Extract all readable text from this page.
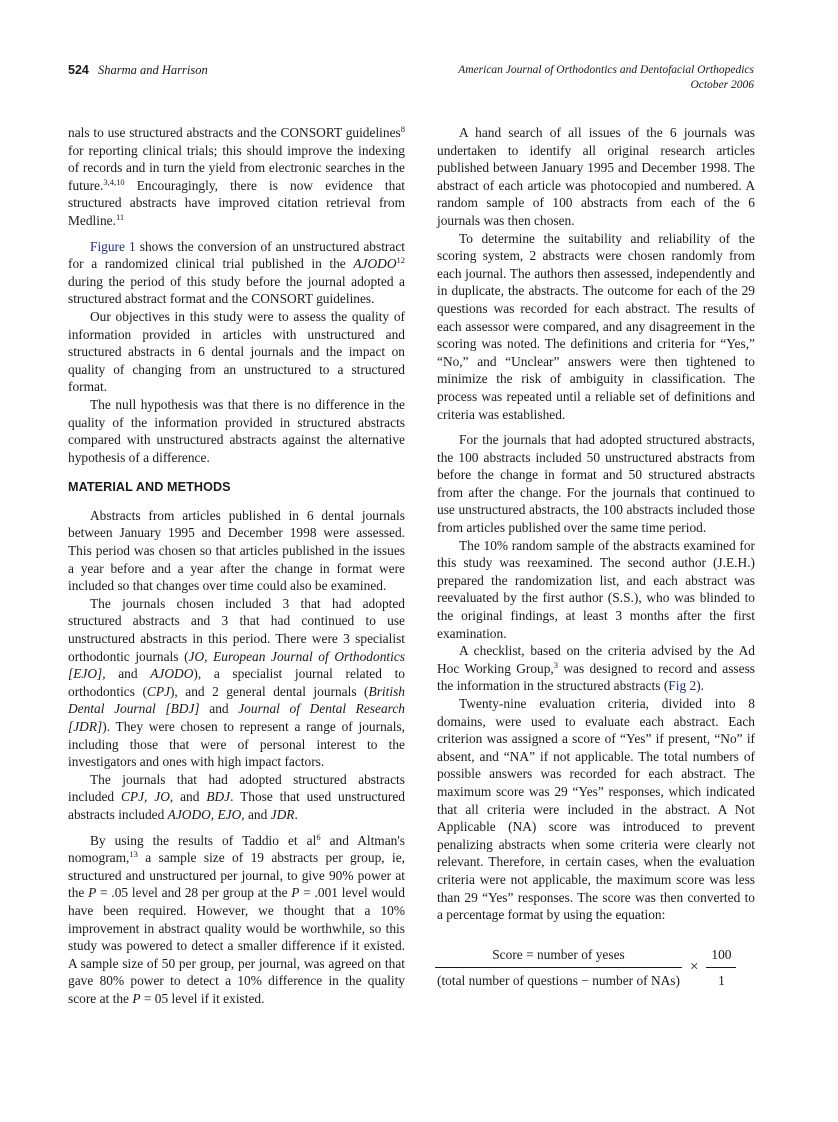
524 Sharma and Harrison	American Journal of Orthodontics and Dentofacial Orthopedics
October 2006

nals to use structured abstracts and the CONSORT guidelines$^8$ for reporting clinical trials; this should improve the indexing of records and in turn the yield from electronic searches in the future.$^{3,4,10}$ Encouragingly, there is now evidence that structured abstracts have improved citation retrieval from Medline.$^{11}$

Figure 1 shows the conversion of an unstructured abstract for a randomized clinical trial published in the AJODO$^{12}$ during the period of this study before the journal adopted a structured abstract format and the CONSORT guidelines.

Our objectives in this study were to assess the quality of information provided in articles with unstructured and structured abstracts in 6 dental journals and the impact on quality of changing from an unstructured to a structured format.

The null hypothesis was that there is no difference in the quality of the information provided in structured abstracts compared with unstructured abstracts against the alternative hypothesis of a difference.

MATERIAL AND METHODS

Abstracts from articles published in 6 dental journals between January 1995 and December 1998 were assessed. This period was chosen so that articles published in the issues a year before and a year after the change in format were included so that changes over time could also be examined.

The journals chosen included 3 that had adopted structured abstracts and 3 that had continued to use unstructured abstracts in this period. There were 3 specialist orthodontic journals (JO, European Journal of Orthodontics [EJO], and AJODO), a specialist journal related to orthodontics (CPJ), and 2 general dental journals (British Dental Journal [BDJ] and Journal of Dental Research [JDR]). They were chosen to represent a range of journals, including those that were of personal interest to the investigators and ones with high impact factors.

The journals that had adopted structured abstracts included CPJ, JO, and BDJ. Those that used unstructured abstracts included AJODO, EJO, and JDR.

By using the results of Taddio et $al^6$ and Altman's nomogram,$^{13}$ a sample size of 19 abstracts per group, ie, structured and unstructured per journal, to give 90% power at the P = .05 level and 28 per group at the P = .001 level would have been required. However, we thought that a 10% improvement in abstract quality would be worthwhile, so this study was powered to detect a smaller difference if it existed. A sample size of 50 per group, per journal, was agreed on that gave 80% power to detect a 10% difference in the quality score at the P = 05 level if it existed.

A hand search of all issues of the 6 journals was undertaken to identify all original research articles published between January 1995 and December 1998. The abstract of each article was photocopied and numbered. A random sample of 100 abstracts from each of the 6 journals was then chosen.

To determine the suitability and reliability of the scoring system, 2 abstracts were chosen randomly from each journal. The authors then assessed, independently and in duplicate, the abstracts. The outcome for each of the 29 questions was recorded for each abstract. The results of each assessor were compared, and any disagreement in the scoring was noted. The definitions and criteria for “Yes,” “No,” and “Unclear” answers were then tightened to minimize the risk of ambiguity in classification. The process was repeated until a reliable set of definitions and criteria was established.

For the journals that had adopted structured abstracts, the 100 abstracts included 50 unstructured abstracts from before the change in format and 50 structured abstracts from after the change. For the journals that continued to use unstructured abstracts, the 100 abstracts included those from articles published over the same time period.

The 10% random sample of the abstracts examined for this study was reexamined. The second author (J.E.H.) prepared the randomization list, and each abstract was reevaluated by the first author (S.S.), who was blinded to the original findings, at least 3 months after the first examination.

A checklist, based on the criteria advised by the Ad Hoc Working Group,$^3$ was designed to record and assess the information in the structured abstracts (Fig 2).

Twenty-nine evaluation criteria, divided into 8 domains, were used to evaluate each abstract. Each criterion was assigned a score of “Yes” if present, “No” if absent, and “NA” if not applicable. The total numbers of possible answers was recorded for each abstract. The maximum score was 29 “Yes” responses, which indicated that all criteria were included in the abstract. A Not Applicable (NA) score was introduced to prevent penalizing abstracts when some criteria were clearly not relevant. Therefore, in certain cases, when the evaluation criteria were not applicable, the maximum score was less than 29 “Yes” responses. The score was then converted to a percentage format by using the equation:

$\frac{\text{Score = number of yeses}}{\text{(total number of questions − number of NAs)}} \times \frac{100}{1}$
